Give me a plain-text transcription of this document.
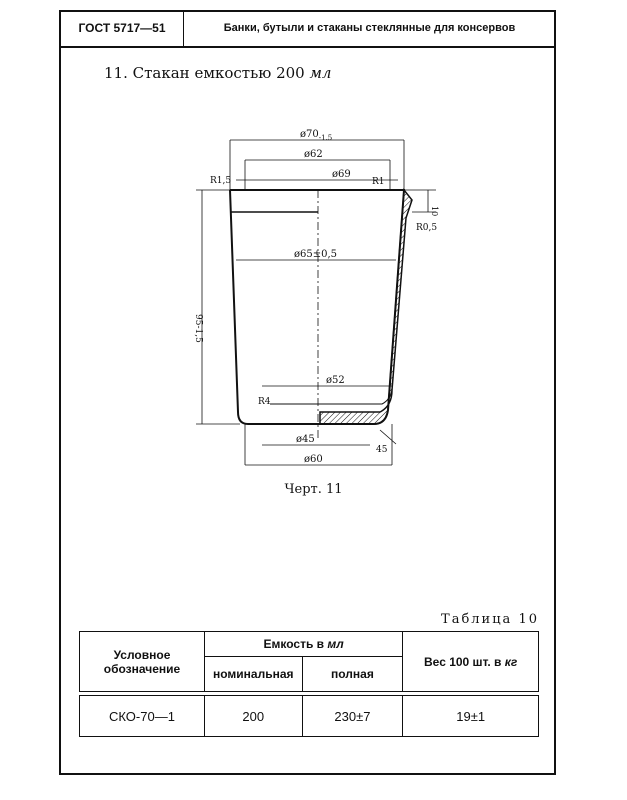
ГОСТ 5717—51	Банки, бутыли и стаканы стеклянные для консервов
11. Стакан емкостью 200 мл
$ø70_{-1.5}$
ø62
ø69
R1,5	R1
10
R0,5
ø65±0,5
95-1,5
ø52
R4
ø45
45
ø60
Черт. 11
Таблица 10
Условное обозначение	Емкость в мл		Вес 100 шт. в кг
	номинальная	полная	

СКО-70—1	200	230±7	19±1
